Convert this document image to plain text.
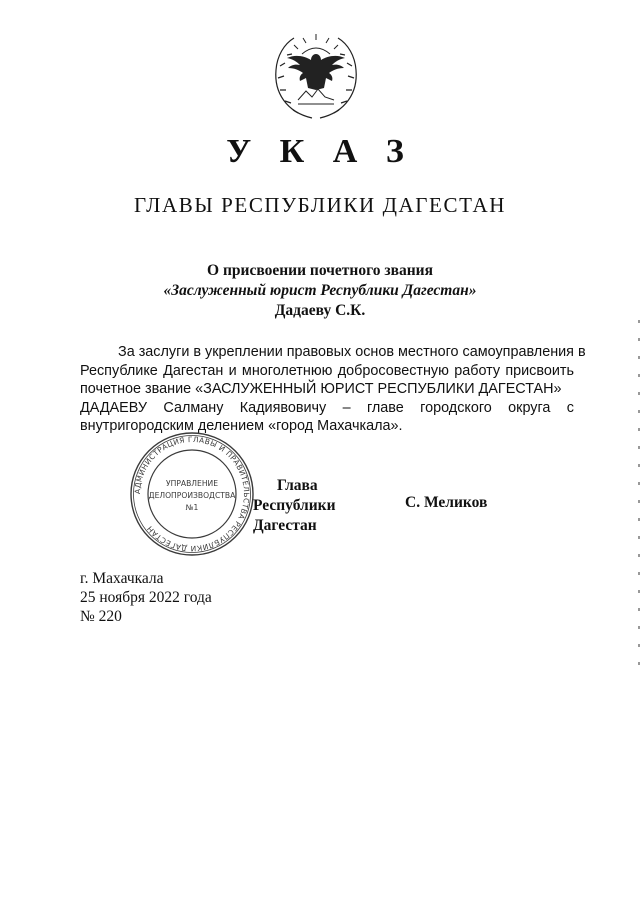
У К А З
ГЛАВЫ РЕСПУБЛИКИ ДАГЕСТАН
О присвоении почетного звания
«Заслуженный юрист Республики Дагестан»
Дадаеву С.К.
За заслуги в укреплении правовых основ местного самоуправления в
Республике Дагестан и многолетнюю добросовестную работу присвоить
почетное звание «ЗАСЛУЖЕННЫЙ ЮРИСТ РЕСПУБЛИКИ ДАГЕСТАН»
ДАДАЕВУ Салману Кадиявовичу – главе городского округа с
внутригородским делением «город Махачкала».
АДМИНИСТРАЦИЯ ГЛАВЫ И ПРАВИТЕЛЬСТВА РЕСПУБЛИКИ ДАГЕСТАН
УПРАВЛЕНИЕ
ДЕЛОПРОИЗВОДСТВА
№1
Глава
Республики Дагестан
С. Меликов
г. Махачкала
25 ноября 2022 года
№ 220
